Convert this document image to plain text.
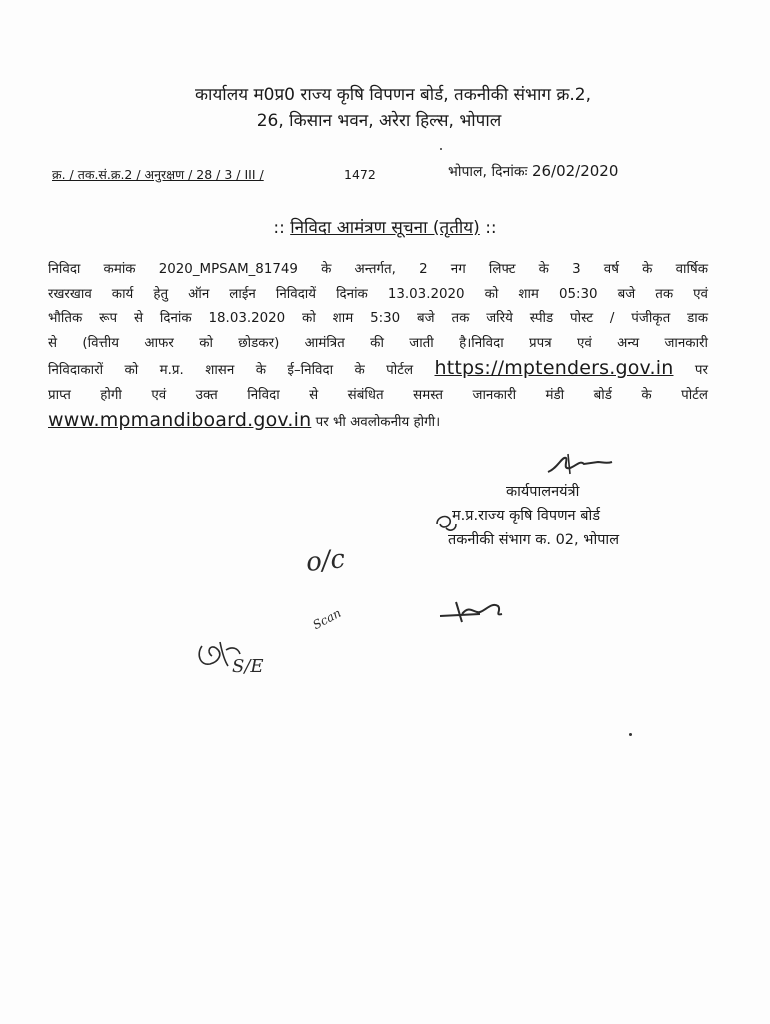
कार्यालय म0प्र0 राज्य कृषि विपणन बोर्ड, तकनीकी संभाग क्र.2,
26, किसान भवन, अरेरा हिल्स, भोपाल
क्र. / तक.सं.क्र.2 / अनुरक्षण / 28 / 3 / III /	1472	भोपाल, दिनांकः 26/02/2020
:: निविदा आमंत्रण सूचना (तृतीय) ::
निविदा कमांक 2020_MPSAM_81749 के अन्तर्गत, 2 नग लिफ्ट के 3 वर्ष के वार्षिक
रखरखाव कार्य हेतु ऑन लाईन निविदायें दिनांक 13.03.2020 को शाम 05:30 बजे तक एवं
भौतिक रूप से दिनांक 18.03.2020 को शाम 5:30 बजे तक जरिये स्पीड पोस्ट / पंजीकृत डाक
से (वित्तीय आफर को छोडकर) आमंत्रित की जाती है।निविदा प्रपत्र एवं अन्य जानकारी
निविदाकारों को म.प्र. शासन के ई–निविदा के पोर्टल https://mptenders.gov.in पर
प्राप्त होगी एवं उक्त निविदा से संबंधित समस्त जानकारी मंडी बोर्ड के पोर्टल
www.mpmandiboard.gov.in पर भी अवलोकनीय होगी।
कार्यपालनयंत्री
म.प्र.राज्य कृषि विपणन बोर्ड
तकनीकी संभाग क. 02, भोपाल
o/c
Scan
S/E
